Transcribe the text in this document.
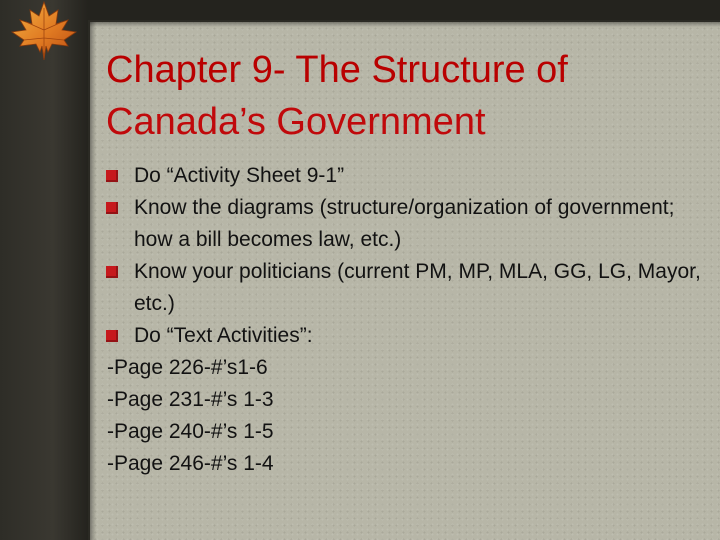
Chapter 9- The Structure of
Canada’s Government
Do “Activity Sheet 9-1”
Know the diagrams (structure/organization of government; how a bill becomes law, etc.)
Know your politicians (current PM, MP, MLA, GG, LG, Mayor, etc.)
Do “Text Activities”:
-Page 226-#’s1-6
-Page 231-#’s 1-3
-Page 240-#’s 1-5
-Page 246-#’s 1-4
